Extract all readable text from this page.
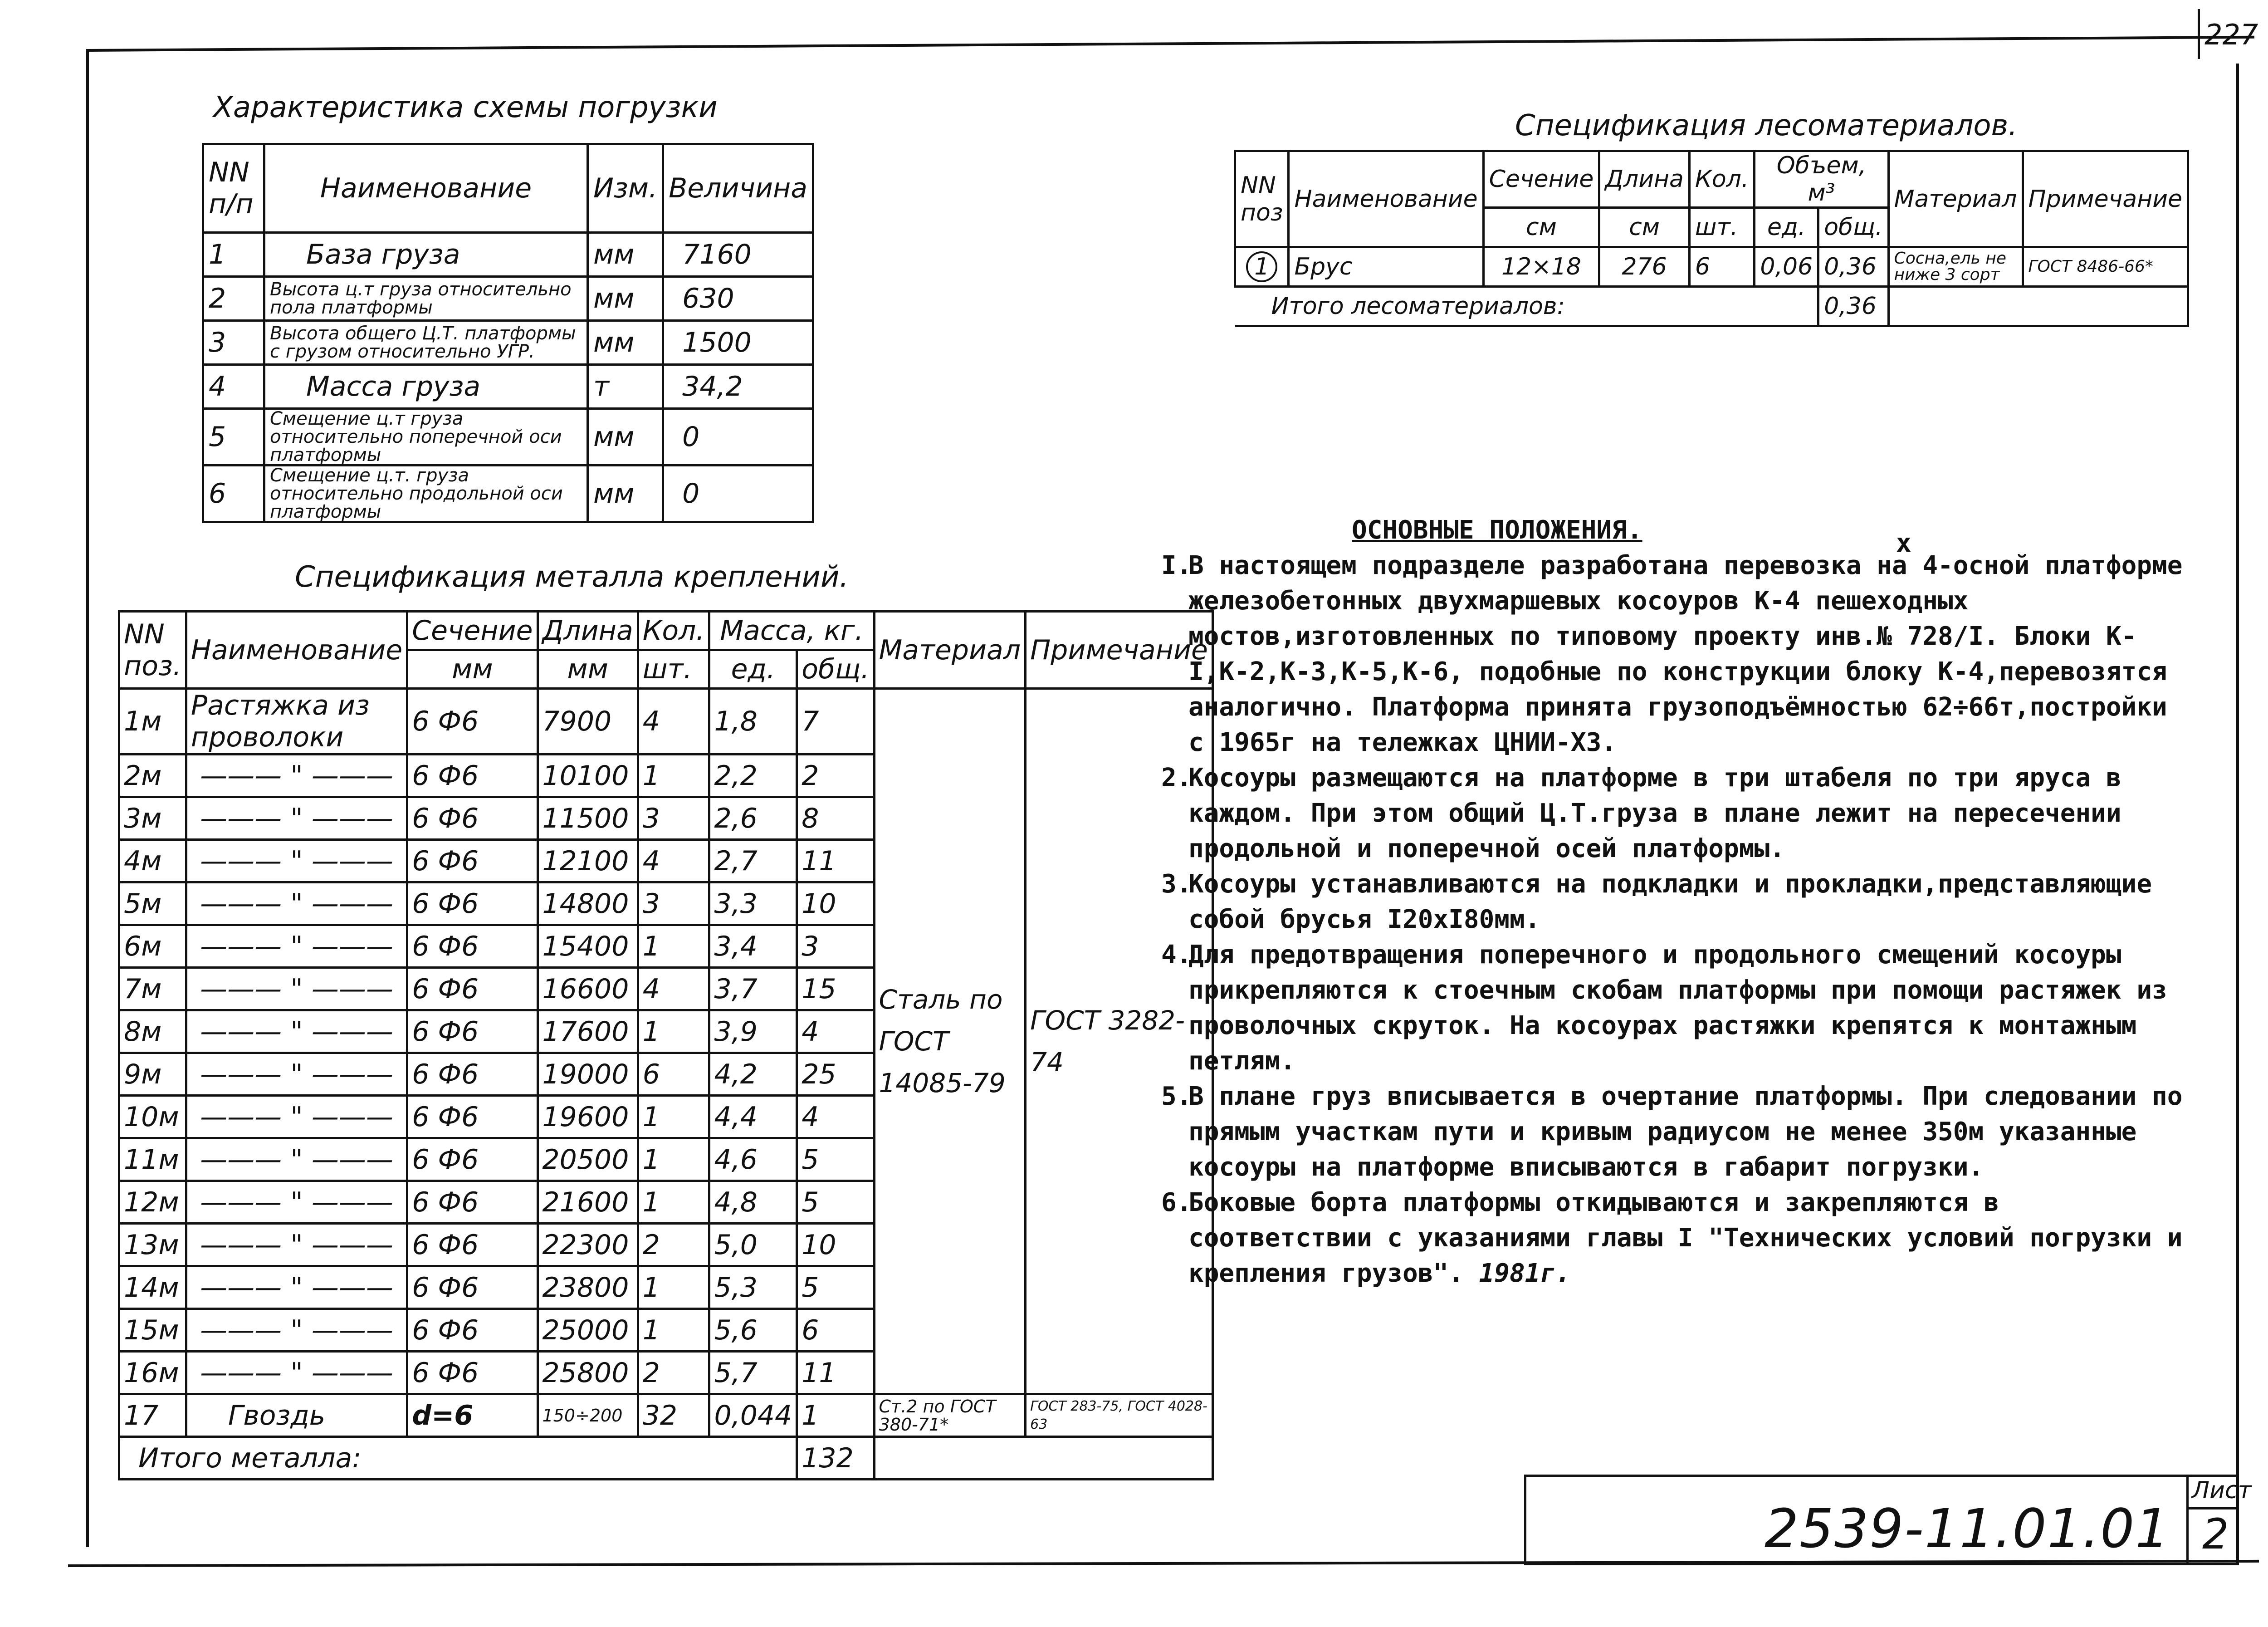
227
Характеристика схемы погрузки
NN п/п	Наименование	Изм.	Величина
1	База груза	мм	7160
2	Высота ц.т груза относительно пола платформы	мм	630
3	Высота общего Ц.Т. платформы с грузом относительно УГР.	мм	1500
4	Масса груза	т	34,2
5	Смещение ц.т груза относительно поперечной оси платформы	мм	0
6	Смещение ц.т. груза относительно продольной оси платформы	мм	0
Спецификация лесоматериалов.
NN поз	Наименование	Сечение	Длина	Кол.	Объем, м³		Материал	Примечание
		см	см	шт.	ед.	общ.		
1	Брус	12×18	276	6	0,06	0,36	Сосна,ель не ниже 3 сорт	ГОСТ 8486-66*
Итого лесоматериалов:						0,36		
Спецификация металла креплений.
NN поз.	Наименование	Сечение	Длина	Кол.	Масса, кг.		Материал	Примечание
		мм	мм	шт.	ед.	общ.		
1м	Растяжка из проволоки	6 Ф6	7900	4	1,8	7	Сталь по ГОСТ 14085-79	ГОСТ 3282-74
2м	——— " ———	6 Ф6	10100	1	2,2	2		
3м	——— " ———	6 Ф6	11500	3	2,6	8		
4м	——— " ———	6 Ф6	12100	4	2,7	11		
5м	——— " ———	6 Ф6	14800	3	3,3	10		
6м	——— " ———	6 Ф6	15400	1	3,4	3		
7м	——— " ———	6 Ф6	16600	4	3,7	15		
8м	——— " ———	6 Ф6	17600	1	3,9	4		
9м	——— " ———	6 Ф6	19000	6	4,2	25		
10м	——— " ———	6 Ф6	19600	1	4,4	4		
11м	——— " ———	6 Ф6	20500	1	4,6	5		
12м	——— " ———	6 Ф6	21600	1	4,8	5		
13м	——— " ———	6 Ф6	22300	2	5,0	10		
14м	——— " ———	6 Ф6	23800	1	5,3	5		
15м	——— " ———	6 Ф6	25000	1	5,6	6		
16м	——— " ———	6 Ф6	25800	2	5,7	11		
17	Гвоздь	d=6	150÷200	32	0,044	1	Ст.2 по ГОСТ 380-71*	ГОСТ 283-75, ГОСТ 4028-63
Итого металла:						132		
x
ОСНОВНЫЕ ПОЛОЖЕНИЯ.
I.
В настоящем подразделе разработана перевозка на 4-осной платформе железобетонных двухмаршевых косоуров К-4 пешеходных мостов,изготовленных по типовому проекту инв.№ 728/I. Блоки К-I,К-2,К-3,К-5,К-6, подобные по конструкции блоку К-4,перевозятся аналогично. Платформа принята грузоподъёмностью 62÷66т,постройки с 1965г на тележках ЦНИИ-Х3.
2.
Косоуры размещаются на платформе в три штабеля по три яруса в каждом. При этом общий Ц.Т.груза в плане лежит на пересечении продольной и поперечной осей платформы.
3.
Косоуры устанавливаются на подкладки и прокладки,представляющие собой брусья I20хI80мм.
4.
Для предотвращения поперечного и продольного смещений косоуры прикрепляются к стоечным скобам платформы при помощи растяжек из проволочных скруток. На косоурах растяжки крепятся к монтажным петлям.
5.
В плане груз вписывается в очертание платформы. При следовании по прямым участкам пути и кривым радиусом не менее 350м указанные косоуры на платформе вписываются в габарит погрузки.
6.
Боковые борта платформы откидываются и закрепляются в соответствии с указаниями главы I "Технических условий погрузки и крепления грузов". 1981г.
2539-11.01.01
Лист
2
